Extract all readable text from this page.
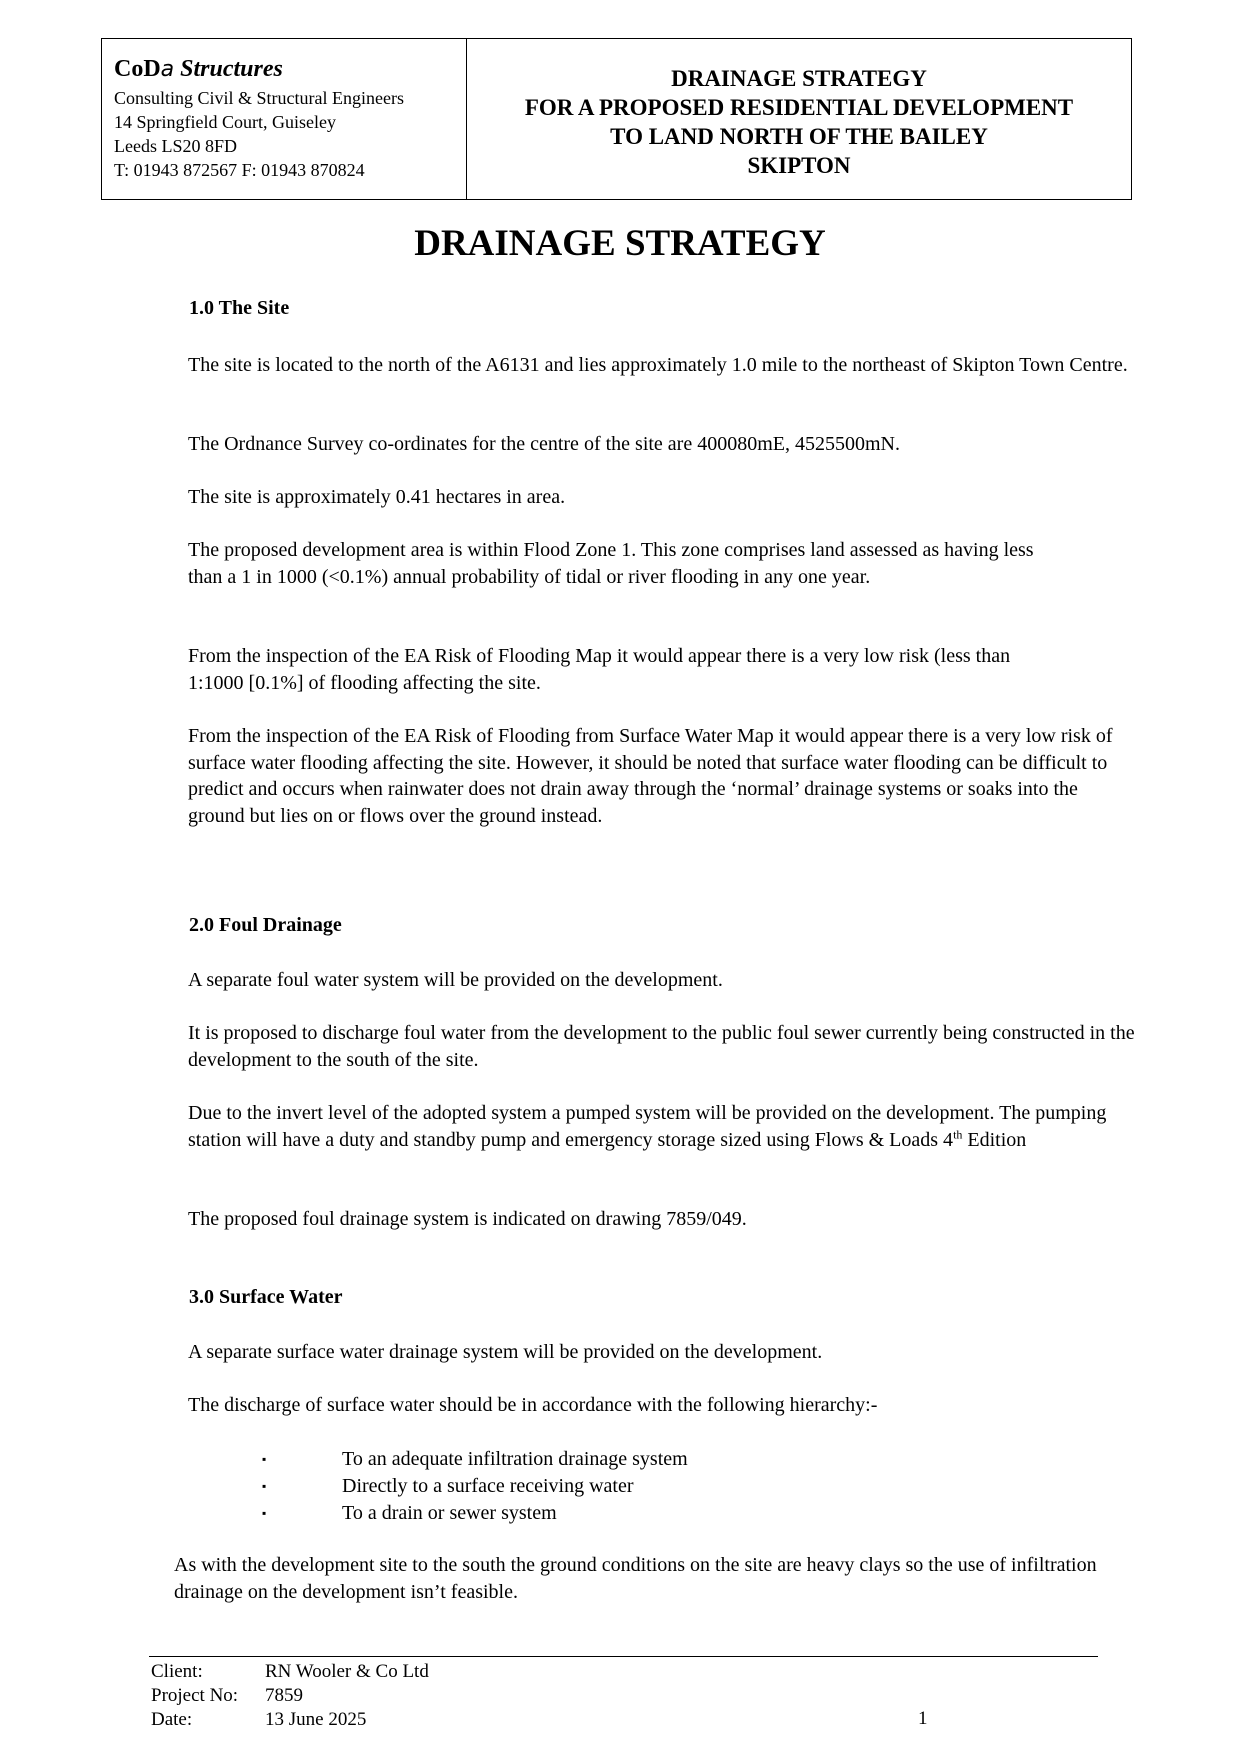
CoDa Structures
Consulting Civil & Structural Engineers
14 Springfield Court, Guiseley
Leeds LS20 8FD
T: 01943 872567 F: 01943 870824
DRAINAGE STRATEGY
FOR A PROPOSED RESIDENTIAL DEVELOPMENT
TO LAND NORTH OF THE BAILEY
SKIPTON
DRAINAGE STRATEGY
1.0 The Site
The site is located to the north of the A6131 and lies approximately 1.0 mile to the northeast of Skipton Town Centre.
The Ordnance Survey co-ordinates for the centre of the site are 400080mE, 4525500mN.
The site is approximately 0.41 hectares in area.
The proposed development area is within Flood Zone 1. This zone comprises land assessed as having less than a 1 in 1000 (<0.1%) annual probability of tidal or river flooding in any one year.
From the inspection of the EA Risk of Flooding Map it would appear there is a very low risk (less than 1:1000 [0.1%] of flooding affecting the site.
From the inspection of the EA Risk of Flooding from Surface Water Map it would appear there is a very low risk of surface water flooding affecting the site. However, it should be noted that surface water flooding can be difficult to predict and occurs when rainwater does not drain away through the ‘normal’ drainage systems or soaks into the ground but lies on or flows over the ground instead.
2.0 Foul Drainage
A separate foul water system will be provided on the development.
It is proposed to discharge foul water from the development to the public foul sewer currently being constructed in the development to the south of the site.
Due to the invert level of the adopted system a pumped system will be provided on the development. The pumping station will have a duty and standby pump and emergency storage sized using Flows & Loads 4th Edition
The proposed foul drainage system is indicated on drawing 7859/049.
3.0 Surface Water
A separate surface water drainage system will be provided on the development.
The discharge of surface water should be in accordance with the following hierarchy:-
▪	To an adequate infiltration drainage system
▪	Directly to a surface receiving water
▪	To a drain or sewer system
As with the development site to the south the ground conditions on the site are heavy clays so the use of infiltration drainage on the development isn’t feasible.
Client:	RN Wooler & Co Ltd
Project No:	7859
Date:	13 June 2025	1
